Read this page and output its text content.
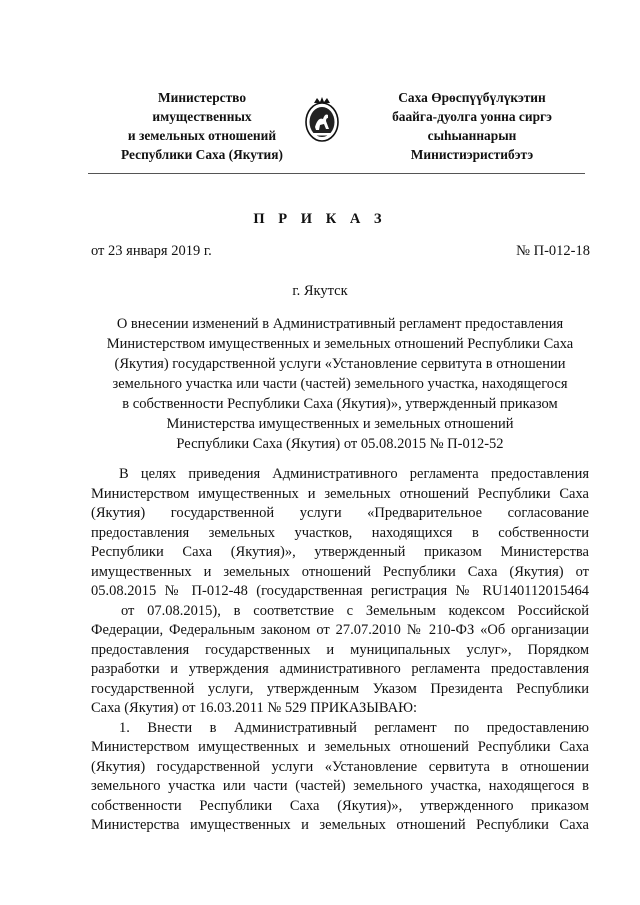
Министерство
имущественных
и земельных отношений
Республики Саха (Якутия)
Саха Өрөспүүбүлүкэтин
баайга-дуолга уонна сиргэ
сыһыаннарын
Министиэристибэтэ
П Р И К А З
от 23 января 2019 г.	№ П-012-18
г. Якутск
О внесении изменений в Административный регламент предоставления
Министерством имущественных и земельных отношений Республики Саха
(Якутия) государственной услуги «Установление сервитута в отношении
земельного участка или части (частей) земельного участка, находящегося
в собственности Республики Саха (Якутия)», утвержденный приказом
Министерства имущественных и земельных отношений
Республики Саха (Якутия) от 05.08.2015 № П-012-52
В целях приведения Административного регламента предоставления
Министерством имущественных и земельных отношений Республики Саха
(Якутия) государственной услуги «Предварительное согласование
предоставления земельных участков, находящихся в собственности
Республики Саха (Якутия)», утвержденный приказом Министерства
имущественных и земельных отношений Республики Саха (Якутия) от
05.08.2015 № П-012-48 (государственная регистрация № RU140112015464
от 07.08.2015), в соответствие с Земельным кодексом Российской
Федерации, Федеральным законом от 27.07.2010 № 210-ФЗ «Об организации
предоставления государственных и муниципальных услуг», Порядком
разработки и утверждения административного регламента предоставления
государственной услуги, утвержденным Указом Президента Республики
Саха (Якутия) от 16.03.2011 № 529 ПРИКАЗЫВАЮ:
1. Внести в Административный регламент по предоставлению
Министерством имущественных и земельных отношений Республики Саха
(Якутия) государственной услуги «Установление сервитута в отношении
земельного участка или части (частей) земельного участка, находящегося в
собственности Республики Саха (Якутия)», утвержденного приказом
Министерства имущественных и земельных отношений Республики Саха
